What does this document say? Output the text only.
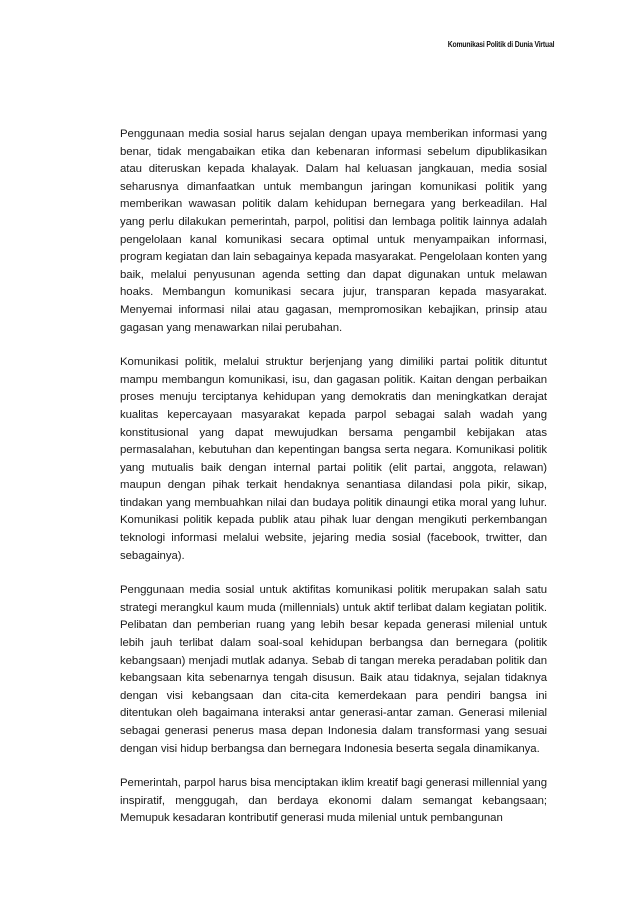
Komunikasi Politik di Dunia Virtual

Penggunaan media sosial harus sejalan dengan upaya memberikan informasi yang benar, tidak mengabaikan etika dan kebenaran informasi sebelum dipublikasikan atau diteruskan kepada khalayak. Dalam hal keluasan jangkauan, media sosial seharusnya dimanfaatkan untuk membangun jaringan komunikasi politik yang memberikan wawasan politik dalam kehidupan bernegara yang berkeadilan. Hal yang perlu dilakukan pemerintah, parpol, politisi dan lembaga politik lainnya adalah pengelolaan kanal komunikasi secara optimal untuk menyampaikan informasi, program kegiatan dan lain sebagainya kepada masyarakat. Pengelolaan konten yang baik, melalui penyusunan agenda setting dan dapat digunakan untuk melawan hoaks. Membangun komunikasi secara jujur, transparan kepada masyarakat. Menyemai informasi nilai atau gagasan, mempromosikan kebajikan, prinsip atau gagasan yang menawarkan nilai perubahan.

Komunikasi politik, melalui struktur berjenjang yang dimiliki partai politik dituntut mampu membangun komunikasi, isu, dan gagasan politik. Kaitan dengan perbaikan proses menuju terciptanya kehidupan yang demokratis dan meningkatkan derajat kualitas kepercayaan masyarakat kepada parpol sebagai salah wadah yang konstitusional yang dapat mewujudkan bersama pengambil kebijakan atas permasalahan, kebutuhan dan kepentingan bangsa serta negara. Komunikasi politik yang mutualis baik dengan internal partai politik (elit partai, anggota, relawan) maupun dengan pihak terkait hendaknya senantiasa dilandasi pola pikir, sikap, tindakan yang membuahkan nilai dan budaya politik dinaungi etika moral yang luhur. Komunikasi politik kepada publik atau pihak luar dengan mengikuti perkembangan teknologi informasi melalui website, jejaring media sosial (facebook, trwitter, dan sebagainya).

Penggunaan media sosial untuk aktifitas komunikasi politik merupakan salah satu strategi merangkul kaum muda (millennials) untuk aktif terlibat dalam kegiatan politik. Pelibatan dan pemberian ruang yang lebih besar kepada generasi milenial untuk lebih jauh terlibat dalam soal-soal kehidupan berbangsa dan bernegara (politik kebangsaan) menjadi mutlak adanya. Sebab di tangan mereka peradaban politik dan kebangsaan kita sebenarnya tengah disusun. Baik atau tidaknya, sejalan tidaknya dengan visi kebangsaan dan cita-cita kemerdekaan para pendiri bangsa ini ditentukan oleh bagaimana interaksi antar generasi-antar zaman. Generasi milenial sebagai generasi penerus masa depan Indonesia dalam transformasi yang sesuai dengan visi hidup berbangsa dan bernegara Indonesia beserta segala dinamikanya.

Pemerintah, parpol harus bisa menciptakan iklim kreatif bagi generasi millennial yang inspiratif, menggugah, dan berdaya ekonomi dalam semangat kebangsaan; Memupuk kesadaran kontributif generasi muda milenial untuk pembangunan
